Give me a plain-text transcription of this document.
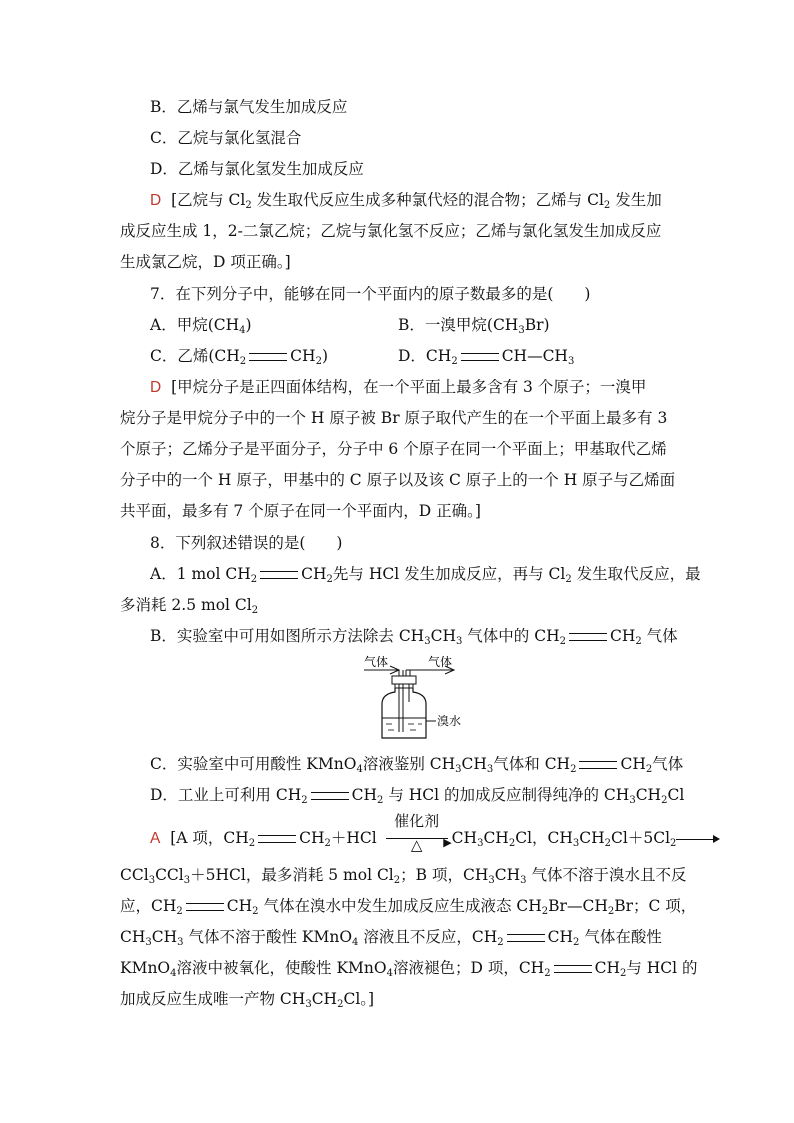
B．乙烯与氯气发生加成反应
C．乙烷与氯化氢混合
D．乙烯与氯化氢发生加成反应
D [乙烷与 $Cl_2$ 发生取代反应生成多种氯代烃的混合物；乙烯与 $Cl_2$ 发生加
成反应生成 1，2-二氯乙烷；乙烷与氯化氢不反应；乙烯与氯化氢发生加成反应
生成氯乙烷，D 项正确。]
7．在下列分子中，能够在同一个平面内的原子数最多的是(　　)
A．甲烷$(CH_4)$	B．一溴甲烷$(CH_3Br)$
C．乙烯($CH_2$	$CH_2$)	D．$CH_2$	$CH—CH_3$
D [甲烷分子是正四面体结构，在一个平面上最多含有 3 个原子；一溴甲
烷分子是甲烷分子中的一个 H 原子被 Br 原子取代产生的在一个平面上最多有 3
个原子；乙烯分子是平面分子，分子中 6 个原子在同一个平面上；甲基取代乙烯
分子中的一个 H 原子，甲基中的 C 原子以及该 C 原子上的一个 H 原子与乙烯面
共平面，最多有 7 个原子在同一个平面内，D 正确。]
8．下列叙述错误的是(　　)
A．1 mol $CH_2$	$CH_2$先与 HCl 发生加成反应，再与 $Cl_2$ 发生取代反应，最
多消耗 2.5 mol $Cl_2$
B．实验室中可用如图所示方法除去 $CH_3CH_3$ 气体中的 $CH_2$	$CH_2$ 气体
气体	气体
溴水
C．实验室中可用酸性 KMnO$_4$溶液鉴别 $CH_3CH_3$气体和 $CH_2$	$CH_2$气体
D．工业上可利用 $CH_2$	$CH_2$ 与 HCl 的加成反应制得纯净的 $CH_3CH_2Cl$
A [A 项，$CH_2$	$CH_2+HCl$
催化剂
▶
△	$CH_3CH_2Cl$，$CH_3CH_2Cl+5Cl_2\to$
CCl$_3$CCl$_3$＋5HCl，最多消耗 5 mol $Cl_2$；B 项，$CH_3CH_3$ 气体不溶于溴水且不反
应，$CH_2$	$CH_2$ 气体在溴水中发生加成反应生成液态 $CH_2Br—CH_2Br$；C 项，
$CH_3CH_3$ 气体不溶于酸性 KMnO$_4$ 溶液且不反应，$CH_2$	$CH_2$ 气体在酸性
KMnO$_4$溶液中被氧化，使酸性 KMnO$_4$溶液褪色；D 项，$CH_2$	$CH_2$与 HCl 的
加成反应生成唯一产物 $CH_3CH_2Cl$。]
